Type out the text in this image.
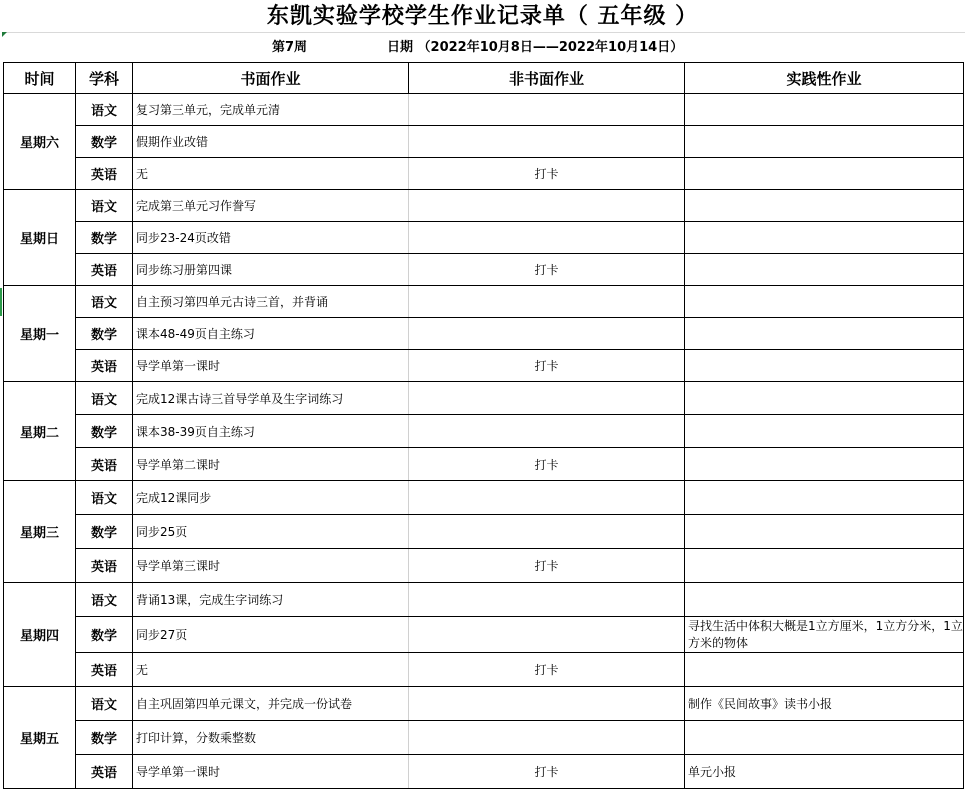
东凯实验学校学生作业记录单（ 五年级 ）
第7周	日期 （2022年10月8日——2022年10月14日）
时间	学科	书面作业	非书面作业	实践性作业
星期六	语文	复习第三单元，完成单元清		
	数学	假期作业改错		
	英语	无	打卡	
星期日	语文	完成第三单元习作誊写		
	数学	同步23-24页改错		
	英语	同步练习册第四课	打卡	
星期一	语文	自主预习第四单元古诗三首，并背诵		
	数学	课本48-49页自主练习		
	英语	导学单第一课时	打卡	
星期二	语文	完成12课古诗三首导学单及生字词练习		
	数学	课本38-39页自主练习		
	英语	导学单第二课时	打卡	
星期三	语文	完成12课同步		
	数学	同步25页		
	英语	导学单第三课时	打卡	
星期四	语文	背诵13课，完成生字词练习		
	数学	同步27页		寻找生活中体积大概是1立方厘米，1立方分米，1立方米的物体
	英语	无	打卡	
星期五	语文	自主巩固第四单元课文，并完成一份试卷		制作《民间故事》读书小报
	数学	打印计算，分数乘整数		
	英语	导学单第一课时	打卡	单元小报
